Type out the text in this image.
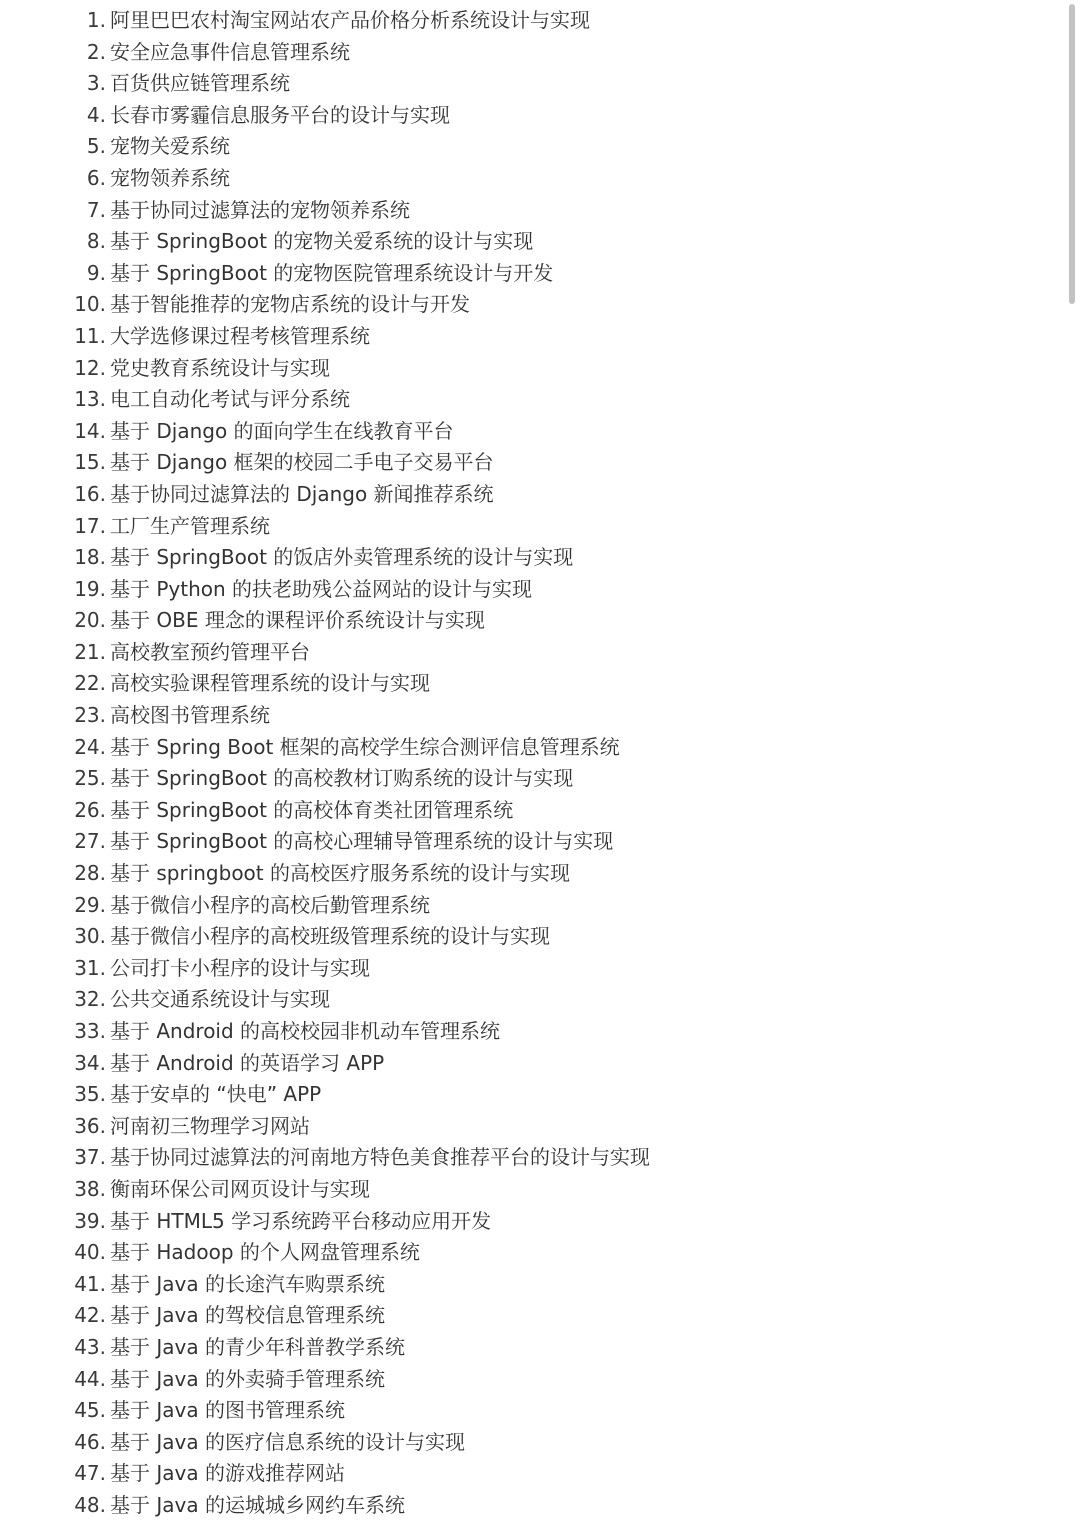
1. 阿里巴巴农村淘宝网站农产品价格分析系统设计与实现
2. 安全应急事件信息管理系统
3. 百货供应链管理系统
4. 长春市雾霾信息服务平台的设计与实现
5. 宠物关爱系统
6. 宠物领养系统
7. 基于协同过滤算法的宠物领养系统
8. 基于 SpringBoot 的宠物关爱系统的设计与实现
9. 基于 SpringBoot 的宠物医院管理系统设计与开发
10. 基于智能推荐的宠物店系统的设计与开发
11. 大学选修课过程考核管理系统
12. 党史教育系统设计与实现
13. 电工自动化考试与评分系统
14. 基于 Django 的面向学生在线教育平台
15. 基于 Django 框架的校园二手电子交易平台
16. 基于协同过滤算法的 Django 新闻推荐系统
17. 工厂生产管理系统
18. 基于 SpringBoot 的饭店外卖管理系统的设计与实现
19. 基于 Python 的扶老助残公益网站的设计与实现
20. 基于 OBE 理念的课程评价系统设计与实现
21. 高校教室预约管理平台
22. 高校实验课程管理系统的设计与实现
23. 高校图书管理系统
24. 基于 Spring Boot 框架的高校学生综合测评信息管理系统
25. 基于 SpringBoot 的高校教材订购系统的设计与实现
26. 基于 SpringBoot 的高校体育类社团管理系统
27. 基于 SpringBoot 的高校心理辅导管理系统的设计与实现
28. 基于 springboot 的高校医疗服务系统的设计与实现
29. 基于微信小程序的高校后勤管理系统
30. 基于微信小程序的高校班级管理系统的设计与实现
31. 公司打卡小程序的设计与实现
32. 公共交通系统设计与实现
33. 基于 Android 的高校校园非机动车管理系统
34. 基于 Android 的英语学习 APP
35. 基于安卓的 “快电” APP
36. 河南初三物理学习网站
37. 基于协同过滤算法的河南地方特色美食推荐平台的设计与实现
38. 衡南环保公司网页设计与实现
39. 基于 HTML5 学习系统跨平台移动应用开发
40. 基于 Hadoop 的个人网盘管理系统
41. 基于 Java 的长途汽车购票系统
42. 基于 Java 的驾校信息管理系统
43. 基于 Java 的青少年科普教学系统
44. 基于 Java 的外卖骑手管理系统
45. 基于 Java 的图书管理系统
46. 基于 Java 的医疗信息系统的设计与实现
47. 基于 Java 的游戏推荐网站
48. 基于 Java 的运城城乡网约车系统
